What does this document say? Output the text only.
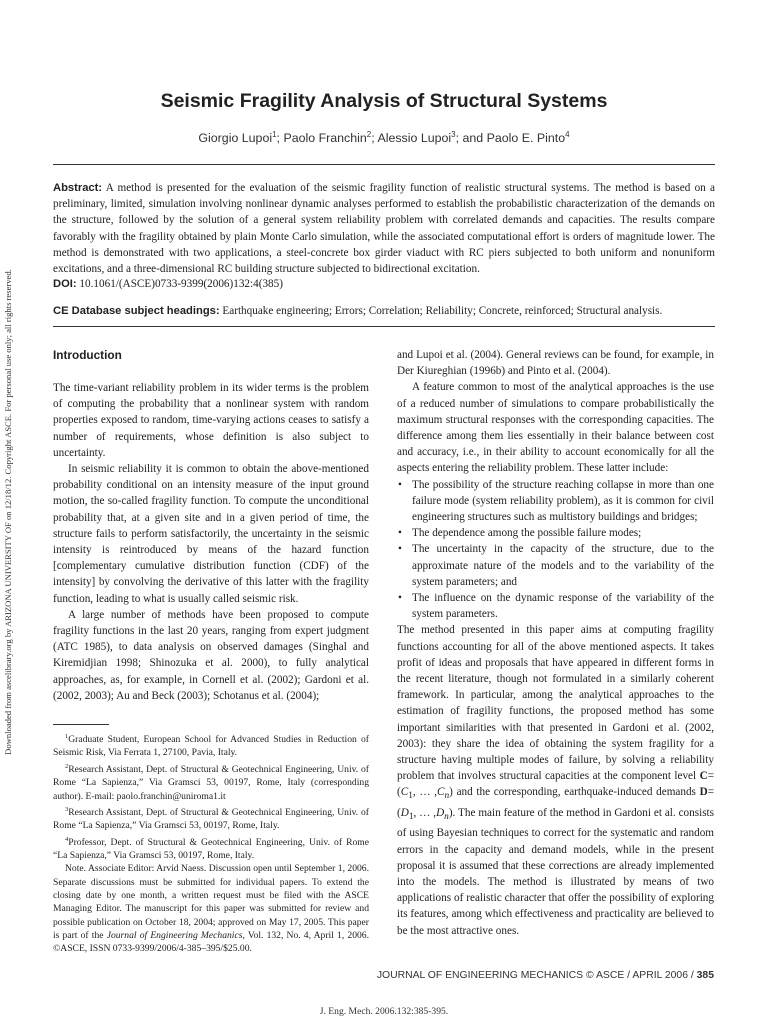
Downloaded from ascelibrary.org by ARIZONA UNIVERSITY OF on 12/18/12. Copyright ASCE. For personal use only; all rights reserved.
Seismic Fragility Analysis of Structural Systems
Giorgio Lupoi$^1$; Paolo Franchin$^2$; Alessio Lupoi$^3$; and Paolo E. Pinto$^4$
Abstract: A method is presented for the evaluation of the seismic fragility function of realistic structural systems. The method is based on a preliminary, limited, simulation involving nonlinear dynamic analyses performed to establish the probabilistic characterization of the demands on the structure, followed by the solution of a general system reliability problem with correlated demands and capacities. The results compare favorably with the fragility obtained by plain Monte Carlo simulation, while the associated computational effort is orders of magnitude lower. The method is demonstrated with two applications, a steel-concrete box girder viaduct with RC piers subjected to both uniform and nonuniform excitations, and a three-dimensional RC building structure subjected to bidirectional excitation.
DOI: 10.1061/(ASCE)0733-9399(2006)132:4(385)
CE Database subject headings: Earthquake engineering; Errors; Correlation; Reliability; Concrete, reinforced; Structural analysis.
Introduction

The time-variant reliability problem in its wider terms is the problem of computing the probability that a nonlinear system with random properties exposed to random, time-varying actions ceases to satisfy a number of requirements, whose definition is also subject to uncertainty.

In seismic reliability it is common to obtain the above-mentioned probability conditional on an intensity measure of the input ground motion, the so-called fragility function. To compute the unconditional probability that, at a given site and in a given period of time, the structure fails to perform satisfactorily, the uncertainty in the seismic intensity is reintroduced by means of the hazard function [complementary cumulative distribution function (CDF) of the intensity] by convolving the derivative of this latter with the fragility function, leading to what is usually called seismic risk.

A large number of methods have been proposed to compute fragility functions in the last 20 years, ranging from expert judgment (ATC 1985), to data analysis on observed damages (Singhal and Kiremidjian 1998; Shinozuka et al. 2000), to fully analytical approaches, as, for example, in Cornell et al. (2002); Gardoni et al. (2002, 2003); Au and Beck (2003); Schotanus et al. (2004);

$^1$Graduate Student, European School for Advanced Studies in Reduction of Seismic Risk, Via Ferrata 1, 27100, Pavia, Italy.

$^2$Research Assistant, Dept. of Structural & Geotechnical Engineering, Univ. of Rome “La Sapienza,” Via Gramsci 53, 00197, Rome, Italy (corresponding author). E-mail: paolo.franchin@uniroma1.it

$^3$Research Assistant, Dept. of Structural & Geotechnical Engineering, Univ. of Rome “La Sapienza,” Via Gramsci 53, 00197, Rome, Italy.

$^4$Professor, Dept. of Structural & Geotechnical Engineering, Univ. of Rome “La Sapienza,” Via Gramsci 53, 00197, Rome, Italy.

Note. Associate Editor: Arvid Naess. Discussion open until September 1, 2006. Separate discussions must be submitted for individual papers. To extend the closing date by one month, a written request must be filed with the ASCE Managing Editor. The manuscript for this paper was submitted for review and possible publication on October 18, 2004; approved on May 17, 2005. This paper is part of the Journal of Engineering Mechanics, Vol. 132, No. 4, April 1, 2006. ©ASCE, ISSN 0733-9399/2006/4-385–395/$25.00.

and Lupoi et al. (2004). General reviews can be found, for example, in Der Kiureghian (1996b) and Pinto et al. (2004).

A feature common to most of the analytical approaches is the use of a reduced number of simulations to compare probabilistically the maximum structural responses with the corresponding capacities. The difference among them lies essentially in their balance between cost and accuracy, i.e., in their ability to account economically for all the aspects entering the reliability problem. These latter include:

• The possibility of the structure reaching collapse in more than one failure mode (system reliability problem), as it is common for civil engineering structures such as multistory buildings and bridges;
• The dependence among the possible failure modes;
• The uncertainty in the capacity of the structure, due to the approximate nature of the models and to the variability of the system parameters; and
• The influence on the dynamic response of the variability of the system parameters.

The method presented in this paper aims at computing fragility functions accounting for all of the above mentioned aspects. It takes profit of ideas and proposals that have appeared in different forms in the recent literature, though not formulated in a similarly coherent framework. In particular, among the analytical approaches to the estimation of fragility functions, the proposed method has some important similarities with that presented in Gardoni et al. (2002, 2003): they share the idea of obtaining the system fragility for a structure having multiple modes of failure, by solving a reliability problem that involves structural capacities at the component level $C=(C_1$, … $,C_n$) and the corresponding, earthquake-induced demands $D=(D_1$, … $,D_n$). The main feature of the method in Gardoni et al. consists of using Bayesian techniques to correct for the systematic and random errors in the capacity and demand models, while in the present proposal it is assumed that these corrections are already implemented into the models. The method is illustrated by means of two applications of realistic character that offer the possibility of exploring its features, among which effectiveness and practicality are believed to be the most attractive ones.

JOURNAL OF ENGINEERING MECHANICS © ASCE / APRIL 2006 / 385
J. Eng. Mech. 2006.132:385-395.
